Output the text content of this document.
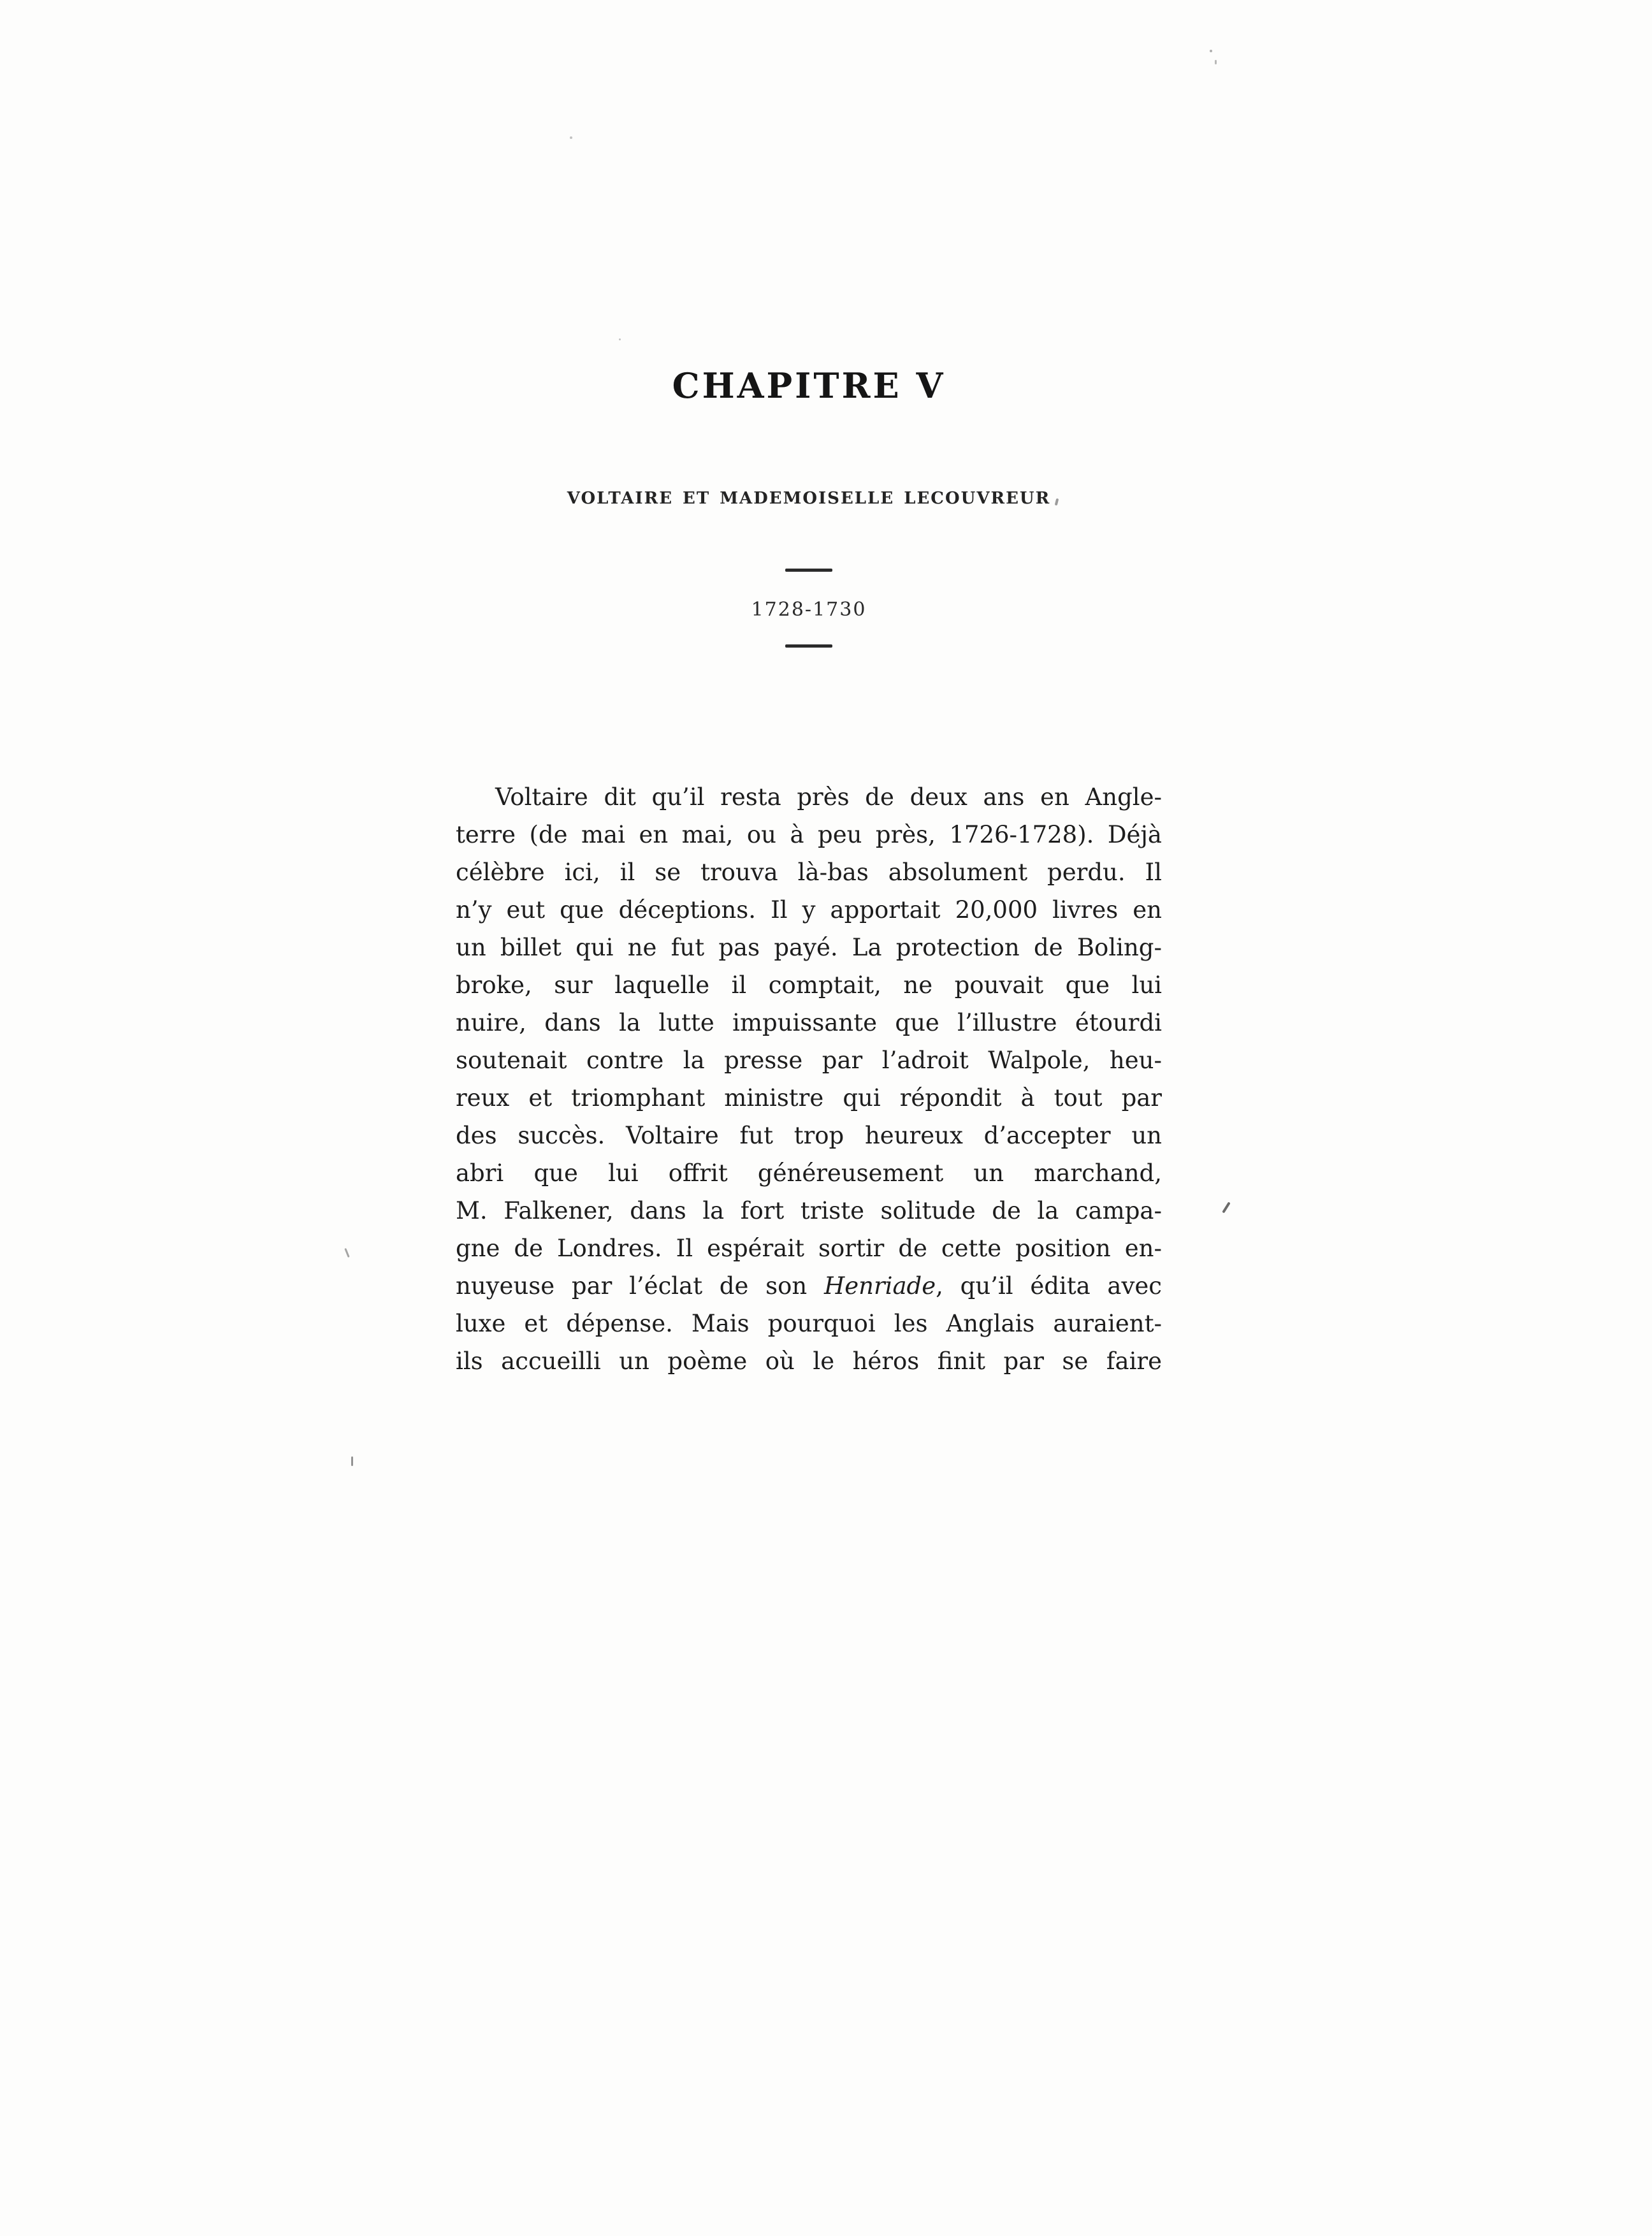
CHAPITRE V
VOLTAIRE ET MADEMOISELLE LECOUVREUR
1728-1730
Voltaire dit qu’il resta près de deux ans en Angle-
terre (de mai en mai, ou à peu près, 1726-1728). Déjà
célèbre ici, il se trouva là-bas absolument perdu. Il
n’y eut que déceptions. Il y apportait 20,000 livres en
un billet qui ne fut pas payé. La protection de Boling-
broke, sur laquelle il comptait, ne pouvait que lui
nuire, dans la lutte impuissante que l’illustre étourdi
soutenait contre la presse par l’adroit Walpole, heu-
reux et triomphant ministre qui répondit à tout par
des succès. Voltaire fut trop heureux d’accepter un
abri que lui offrit généreusement un marchand,
M. Falkener, dans la fort triste solitude de la campa-
gne de Londres. Il espérait sortir de cette position en-
nuyeuse par l’éclat de son Henriade, qu’il édita avec
luxe et dépense. Mais pourquoi les Anglais auraient-
ils accueilli un poème où le héros finit par se faire
